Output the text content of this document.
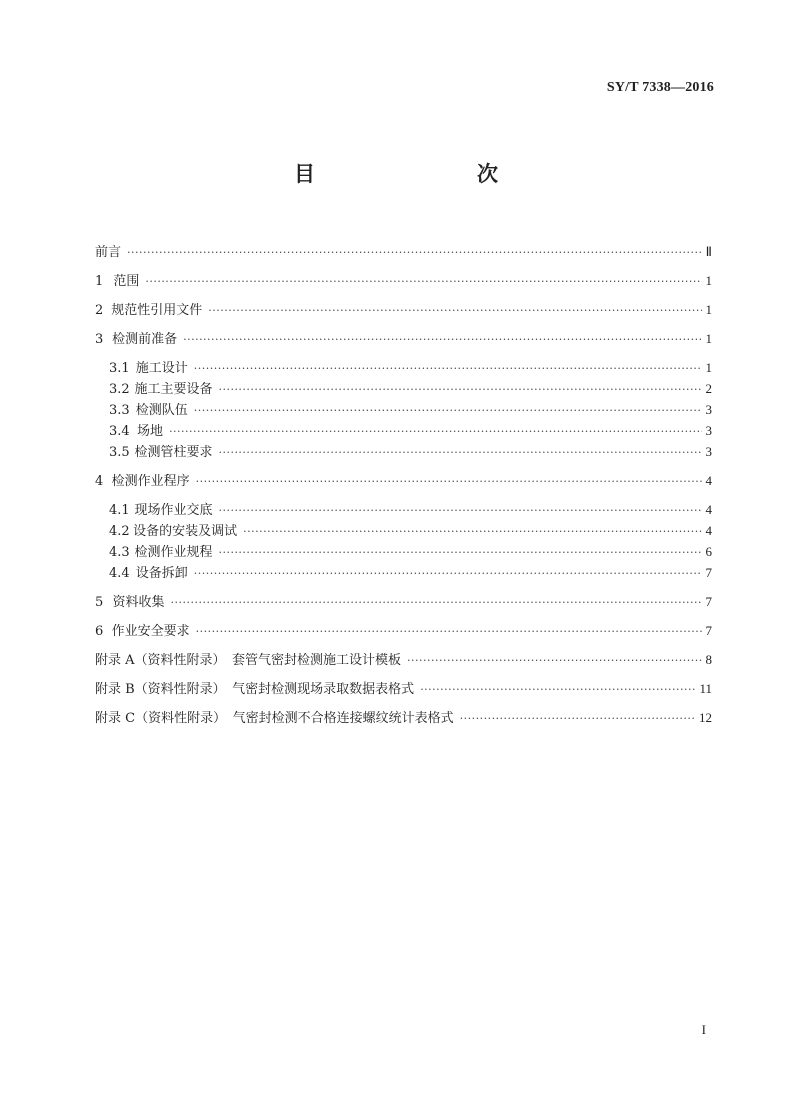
SY/T 7338—2016
目　　次
前言 ·····	Ⅱ
1 范围 ·····	1
2 规范性引用文件 ·····	1
3 检测前准备 ·····	1
3.1 施工设计 ·····	1
3.2 施工主要设备 ·····	2
3.3 检测队伍 ·····	3
3.4 场地 ·····	3
3.5 检测管柱要求 ·····	3
4 检测作业程序 ·····	4
4.1 现场作业交底 ·····	4
4.2 设备的安装及调试 ·····	4
4.3 检测作业规程 ·····	6
4.4 设备拆卸 ·····	7
5 资料收集 ·····	7
6 作业安全要求 ·····	7
附录 A（资料性附录）　套管气密封检测施工设计模板 ·····	8
附录 B（资料性附录）　气密封检测现场录取数据表格式 ·····	11
附录 C（资料性附录）　气密封检测不合格连接螺纹统计表格式 ·····	12
I
